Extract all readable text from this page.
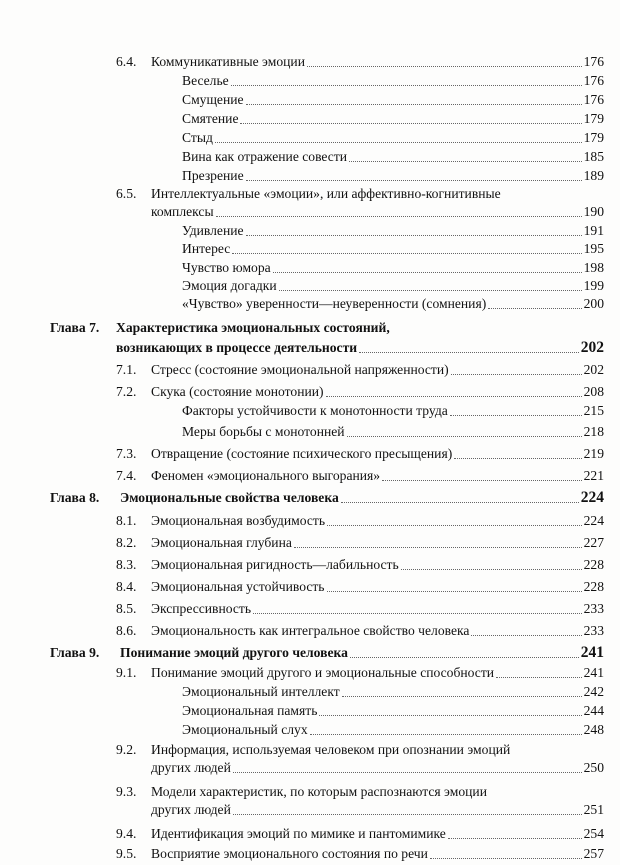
6.4. Коммуникативные эмоции	176
Веселье	176
Смущение	176
Смятение	179
Стыд	179
Вина как отражение совести	185
Презрение	189
6.5. Интеллектуальные «эмоции», или аффективно-когнитивные
комплексы	190
Удивление	191
Интерес	195
Чувство юмора	198
Эмоция догадки	199
«Чувство» уверенности—неуверенности (сомнения)	200
Глава 7. Характеристика эмоциональных состояний,
возникающих в процессе деятельности	202
7.1. Стресс (состояние эмоциональной напряженности)	202
7.2. Скука (состояние монотонии)	208
Факторы устойчивости к монотонности труда	215
Меры борьбы с монотонней	218
7.3. Отвращение (состояние психического пресыщения)	219
7.4. Феномен «эмоционального выгорания»	221
Глава 8. Эмоциональные свойства человека	224
8.1. Эмоциональная возбудимость	224
8.2. Эмоциональная глубина	227
8.3. Эмоциональная ригидность—лабильность	228
8.4. Эмоциональная устойчивость	228
8.5. Экспрессивность	233
8.6. Эмоциональность как интегральное свойство человека	233
Глава 9. Понимание эмоций другого человека	241
9.1. Понимание эмоций другого и эмоциональные способности	241
Эмоциональный интеллект	242
Эмоциональная память	244
Эмоциональный слух	248
9.2. Информация, используемая человеком при опознании эмоций
других людей	250
9.3. Модели характеристик, по которым распознаются эмоции
других людей	251
9.4. Идентификация эмоций по мимике и пантомимике	254
9.5. Восприятие эмоционального состояния по речи	257
